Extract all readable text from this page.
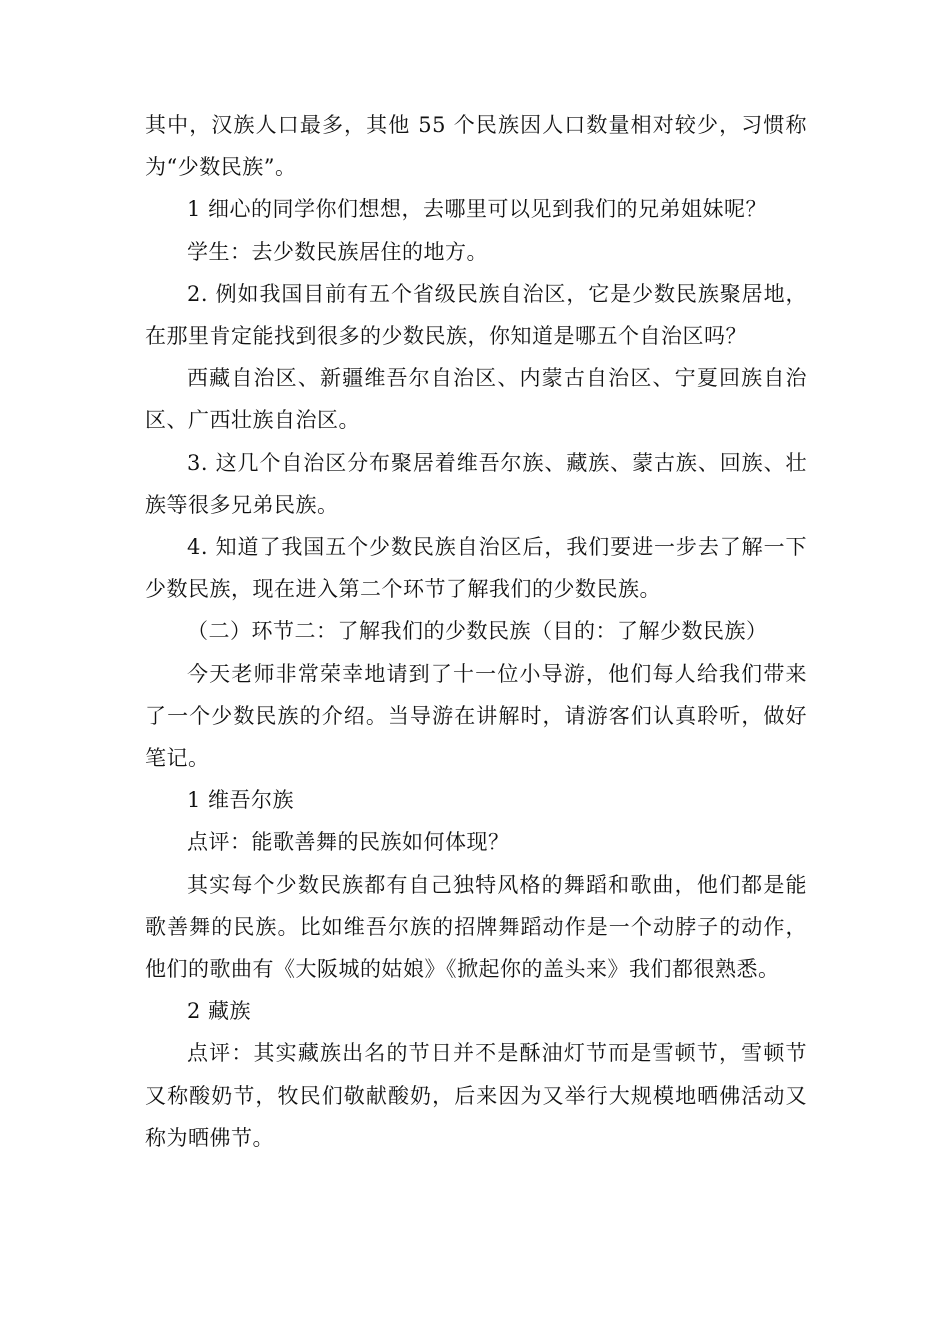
其中，汉族人口最多，其他 55 个民族因人口数量相对较少，习惯称为“少数民族”。

1 细心的同学你们想想，去哪里可以见到我们的兄弟姐妹呢？

学生：去少数民族居住的地方。

2. 例如我国目前有五个省级民族自治区，它是少数民族聚居地，在那里肯定能找到很多的少数民族，你知道是哪五个自治区吗？

西藏自治区、新疆维吾尔自治区、内蒙古自治区、宁夏回族自治区、广西壮族自治区。

3. 这几个自治区分布聚居着维吾尔族、藏族、蒙古族、回族、壮族等很多兄弟民族。

4. 知道了我国五个少数民族自治区后，我们要进一步去了解一下少数民族，现在进入第二个环节了解我们的少数民族。

（二）环节二：了解我们的少数民族（目的：了解少数民族）

今天老师非常荣幸地请到了十一位小导游，他们每人给我们带来了一个少数民族的介绍。当导游在讲解时，请游客们认真聆听，做好笔记。

1 维吾尔族

点评：能歌善舞的民族如何体现？

其实每个少数民族都有自己独特风格的舞蹈和歌曲，他们都是能歌善舞的民族。比如维吾尔族的招牌舞蹈动作是一个动脖子的动作，他们的歌曲有《大阪城的姑娘》《掀起你的盖头来》我们都很熟悉。

2 藏族

点评：其实藏族出名的节日并不是酥油灯节而是雪顿节，雪顿节又称酸奶节，牧民们敬献酸奶，后来因为又举行大规模地晒佛活动又称为晒佛节。
